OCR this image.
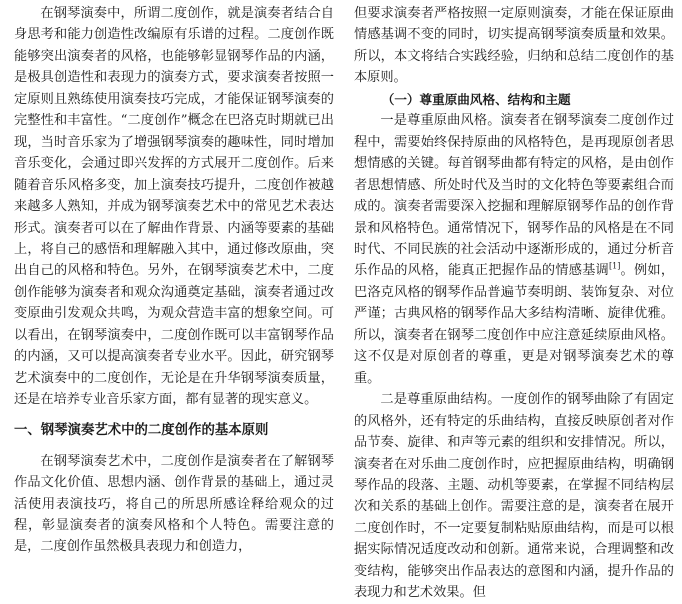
在钢琴演奏中，所谓二度创作，就是演奏者结合自身思考和能力创造性改编原有乐谱的过程。二度创作既能够突出演奏者的风格，也能够彰显钢琴作品的内涵，是极具创造性和表现力的演奏方式，要求演奏者按照一定原则且熟练使用演奏技巧完成，才能保证钢琴演奏的完整性和丰富性。“二度创作”概念在巴洛克时期就已出现，当时音乐家为了增强钢琴演奏的趣味性，同时增加音乐变化，会通过即兴发挥的方式展开二度创作。后来随着音乐风格多变，加上演奏技巧提升，二度创作被越来越多人熟知，并成为钢琴演奏艺术中的常见艺术表达形式。演奏者可以在了解曲作背景、内涵等要素的基础上，将自己的感悟和理解融入其中，通过修改原曲，突出自己的风格和特色。另外，在钢琴演奏艺术中，二度创作能够为演奏者和观众沟通奠定基础，演奏者通过改变原曲引发观众共鸣，为观众营造丰富的想象空间。可以看出，在钢琴演奏中，二度创作既可以丰富钢琴作品的内涵，又可以提高演奏者专业水平。因此，研究钢琴艺术演奏中的二度创作，无论是在升华钢琴演奏质量，还是在培养专业音乐家方面，都有显著的现实意义。

一、钢琴演奏艺术中的二度创作的基本原则

在钢琴演奏艺术中，二度创作是演奏者在了解钢琴作品文化价值、思想内涵、创作背景的基础上，通过灵活使用表演技巧，将自己的所思所感诠释给观众的过程，彰显演奏者的演奏风格和个人特色。需要注意的是，二度创作虽然极具表现力和创造力，

但要求演奏者严格按照一定原则演奏，才能在保证原曲情感基调不变的同时，切实提高钢琴演奏质量和效果。所以，本文将结合实践经验，归纳和总结二度创作的基本原则。

（一）尊重原曲风格、结构和主题

一是尊重原曲风格。演奏者在钢琴演奏二度创作过程中，需要始终保持原曲的风格特色，是再现原创者思想情感的关键。每首钢琴曲都有特定的风格，是由创作者思想情感、所处时代及当时的文化特色等要素组合而成的。演奏者需要深入挖掘和理解原钢琴作品的创作背景和风格特色。通常情况下，钢琴作品的风格是在不同时代、不同民族的社会活动中逐渐形成的，通过分析音乐作品的风格，能真正把握作品的情感基调[1]。例如，巴洛克风格的钢琴作品普遍节奏明朗、装饰复杂、对位严谨；古典风格的钢琴作品大多结构清晰、旋律优雅。所以，演奏者在钢琴二度创作中应注意延续原曲风格。这不仅是对原创者的尊重，更是对钢琴演奏艺术的尊重。

二是尊重原曲结构。一度创作的钢琴曲除了有固定的风格外，还有特定的乐曲结构，直接反映原创者对作品节奏、旋律、和声等元素的组织和安排情况。所以，演奏者在对乐曲二度创作时，应把握原曲结构，明确钢琴作品的段落、主题、动机等要素，在掌握不同结构层次和关系的基础上创作。需要注意的是，演奏者在展开二度创作时，不一定要复制粘贴原曲结构，而是可以根据实际情况适度改动和创新。通常来说，合理调整和改变结构，能够突出作品表达的意图和内涵，提升作品的表现力和艺术效果。但
